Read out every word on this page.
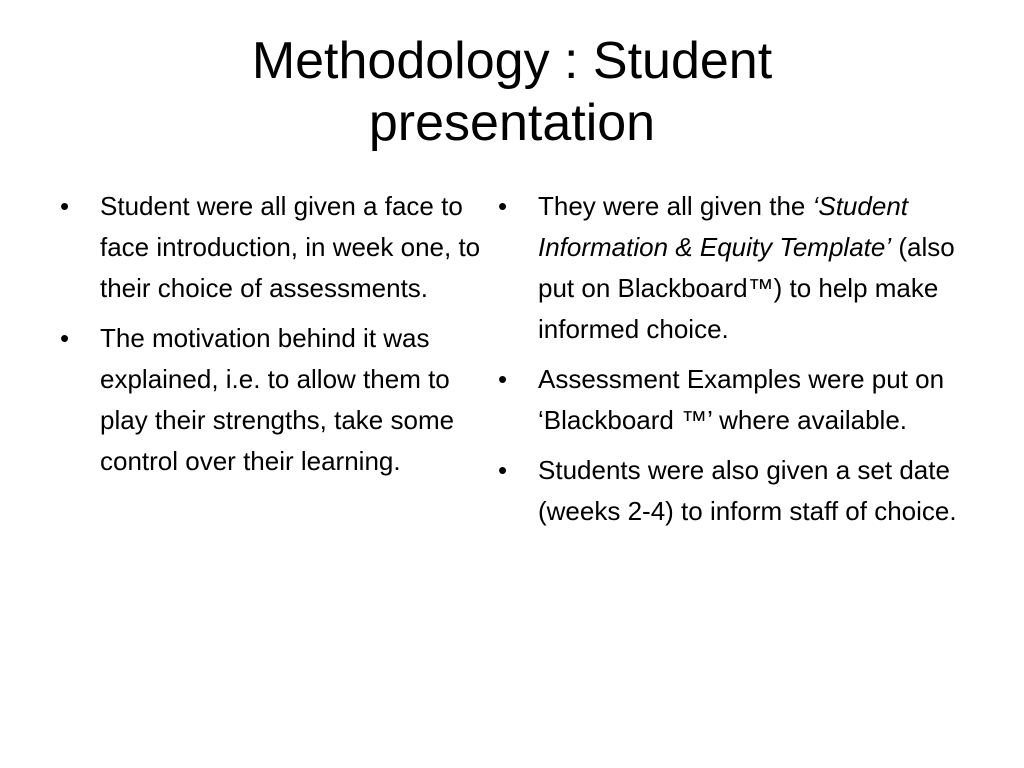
Methodology : Student
presentation
•	Student were all given a face to face introduction, in week one, to their choice of assessments.
•	The motivation behind it was explained, i.e. to allow them to play their strengths, take some control over their learning.
•	They were all given the ‘Student Information & Equity Template’ (also put on Blackboard™) to help make informed choice.
•	Assessment Examples were put on ‘Blackboard ™’ where available.
•	Students were also given a set date (weeks 2-4) to inform staff of choice.
